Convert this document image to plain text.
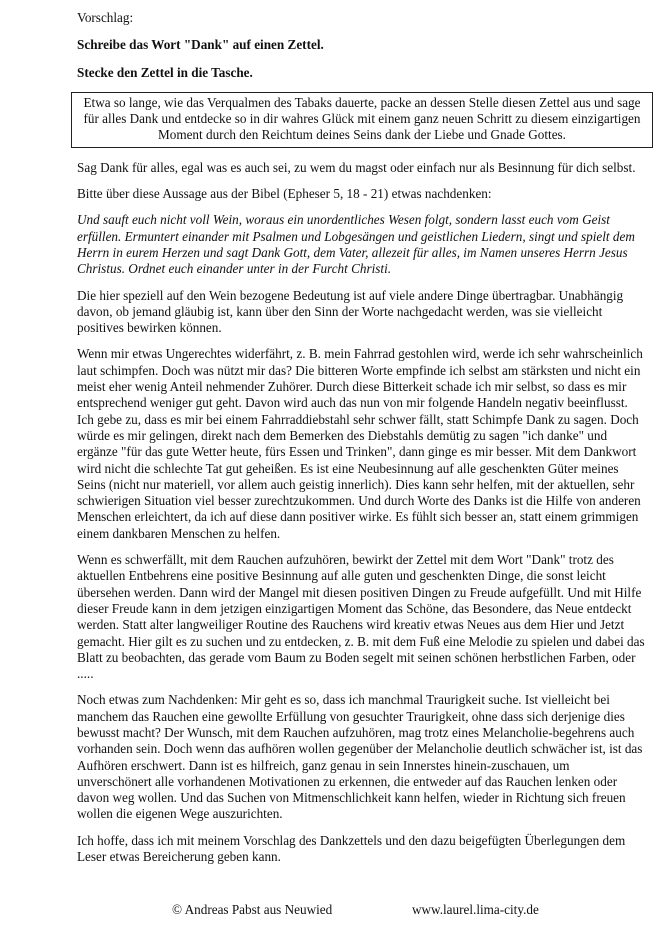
Vorschlag:
Schreibe das Wort "Dank" auf einen Zettel.
Stecke den Zettel in die Tasche.
Etwa so lange, wie das Verqualmen des Tabaks dauerte, packe an dessen Stelle diesen Zettel aus und sage für alles Dank und entdecke so in dir wahres Glück mit einem ganz neuen Schritt zu diesem einzigartigen Moment durch den Reichtum deines Seins dank der Liebe und Gnade Gottes.
Sag Dank für alles, egal was es auch sei, zu wem du magst oder einfach nur als Besinnung für dich selbst.
Bitte über diese Aussage aus der Bibel (Epheser 5, 18 - 21) etwas nachdenken:
Und sauft euch nicht voll Wein, woraus ein unordentliches Wesen folgt, sondern lasst euch vom Geist erfüllen. Ermuntert einander mit Psalmen und Lobgesängen und geistlichen Liedern, singt und spielt dem Herrn in eurem Herzen und sagt Dank Gott, dem Vater, allezeit für alles, im Namen unseres Herrn Jesus Christus. Ordnet euch einander unter in der Furcht Christi.
Die hier speziell auf den Wein bezogene Bedeutung ist auf viele andere Dinge übertragbar. Unabhängig davon, ob jemand gläubig ist, kann über den Sinn der Worte nachgedacht werden, was sie vielleicht positives bewirken können.
Wenn mir etwas Ungerechtes widerfährt, z. B. mein Fahrrad gestohlen wird, werde ich sehr wahrscheinlich laut schimpfen. Doch was nützt mir das? Die bitteren Worte empfinde ich selbst am stärksten und nicht ein meist eher wenig Anteil nehmender Zuhörer. Durch diese Bitterkeit schade ich mir selbst, so dass es mir entsprechend weniger gut geht. Davon wird auch das nun von mir folgende Handeln negativ beeinflusst. Ich gebe zu, dass es mir bei einem Fahrraddiebstahl sehr schwer fällt, statt Schimpfe Dank zu sagen. Doch würde es mir gelingen, direkt nach dem Bemerken des Diebstahls demütig zu sagen "ich danke" und ergänze "für das gute Wetter heute, fürs Essen und Trinken", dann ginge es mir besser. Mit dem Dankwort wird nicht die schlechte Tat gut geheißen. Es ist eine Neubesinnung auf alle geschenkten Güter meines Seins (nicht nur materiell, vor allem auch geistig innerlich). Dies kann sehr helfen, mit der aktuellen, sehr schwierigen Situation viel besser zurechtzukommen. Und durch Worte des Danks ist die Hilfe von anderen Menschen erleichtert, da ich auf diese dann positiver wirke. Es fühlt sich besser an, statt einem grimmigen einem dankbaren Menschen zu helfen.
Wenn es schwerfällt, mit dem Rauchen aufzuhören, bewirkt der Zettel mit dem Wort "Dank" trotz des aktuellen Entbehrens eine positive Besinnung auf alle guten und geschenkten Dinge, die sonst leicht übersehen werden. Dann wird der Mangel mit diesen positiven Dingen zu Freude aufgefüllt. Und mit Hilfe dieser Freude kann in dem jetzigen einzigartigen Moment das Schöne, das Besondere, das Neue entdeckt werden. Statt alter langweiliger Routine des Rauchens wird kreativ etwas Neues aus dem Hier und Jetzt gemacht. Hier gilt es zu suchen und zu entdecken, z. B. mit dem Fuß eine Melodie zu spielen und dabei das Blatt zu beobachten, das gerade vom Baum zu Boden segelt mit seinen schönen herbstlichen Farben, oder .....
Noch etwas zum Nachdenken: Mir geht es so, dass ich manchmal Traurigkeit suche. Ist vielleicht bei manchem das Rauchen eine gewollte Erfüllung von gesuchter Traurigkeit, ohne dass sich derjenige dies bewusst macht? Der Wunsch, mit dem Rauchen aufzuhören, mag trotz eines Melancholie-begehrens auch vorhanden sein. Doch wenn das aufhören wollen gegenüber der Melancholie deutlich schwächer ist, ist das Aufhören erschwert. Dann ist es hilfreich, ganz genau in sein Innerstes hinein-zuschauen, um unverschönert alle vorhandenen Motivationen zu erkennen, die entweder auf das Rauchen lenken oder davon weg wollen. Und das Suchen von Mitmenschlichkeit kann helfen, wieder in Richtung sich freuen wollen die eigenen Wege auszurichten.
Ich hoffe, dass ich mit meinem Vorschlag des Dankzettels und den dazu beigefügten Überlegungen dem Leser etwas Bereicherung geben kann.
© Andreas Pabst aus Neuwied	www.laurel.lima-city.de
